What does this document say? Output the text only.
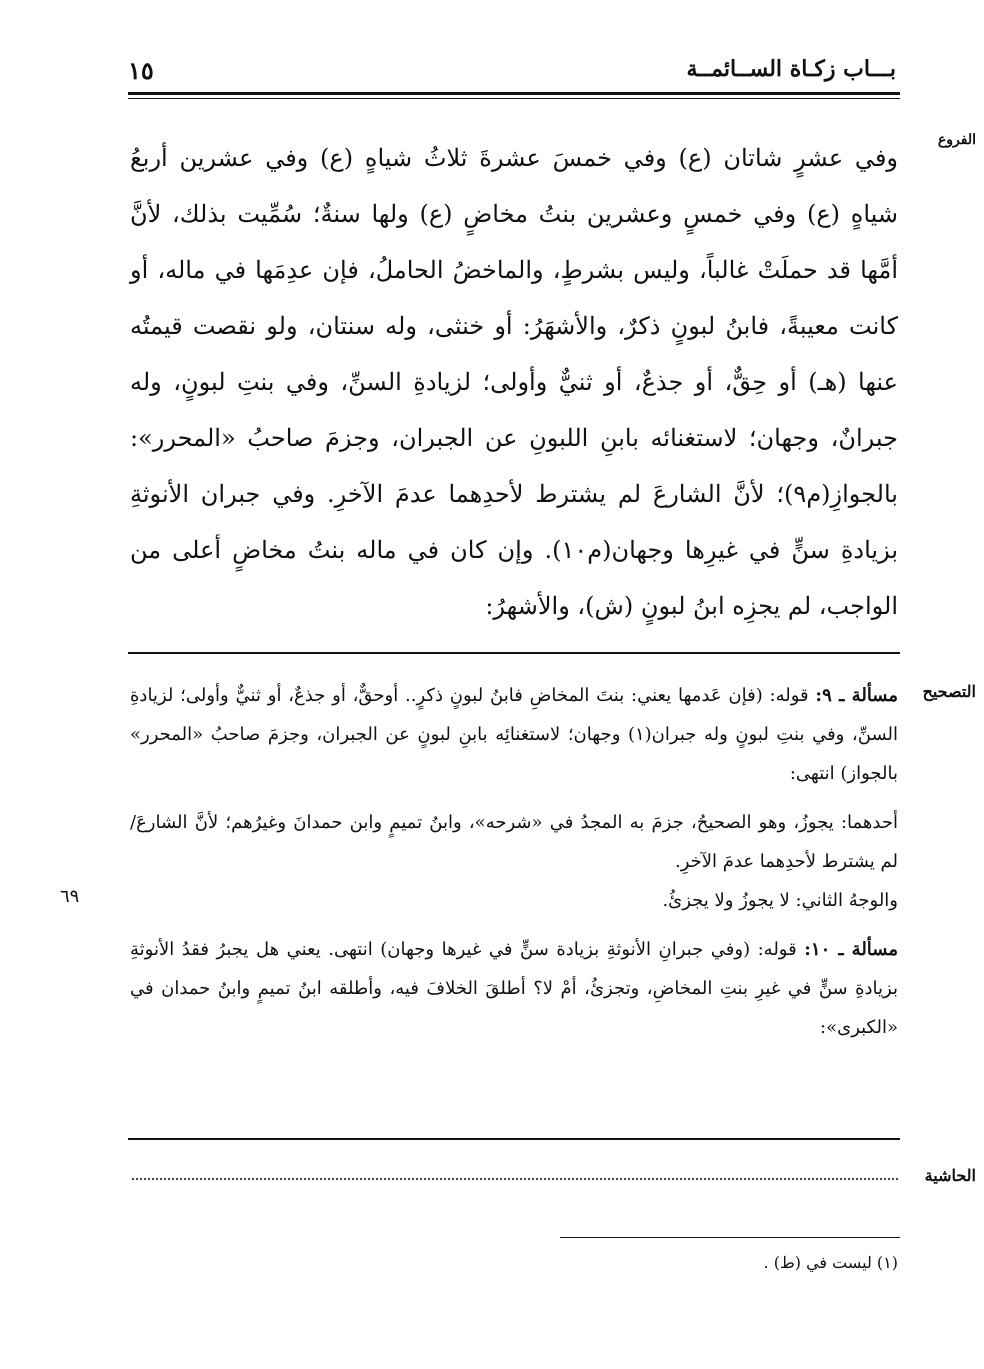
بـــاب زكـاة الســائمــة
١٥
الفروع

وفي عشرٍ شاتان (ع) وفي خمسَ عشرةَ ثلاثُ شياهٍ (ع) وفي عشرين أربعُ شياهٍ (ع) وفي خمسٍ وعشرين بنتُ مخاضٍ (ع) ولها سنةٌ؛ سُمِّيت بذلك، لأنَّ أمَّها قد حملَتْ غالباً، وليس بشرطٍ، والماخضُ الحاملُ، فإن عدِمَها في ماله، أو كانت معيبةً، فابنُ لبونٍ ذكرٌ، والأشهَرُ: أو خنثى، وله سنتان، ولو نقصت قيمتُه عنها (هـ) أو حِقٌّ، أو جذعٌ، أو ثنيٌّ وأولى؛ لزيادةِ السنِّ، وفي بنتِ لبونٍ، وله جبرانٌ، وجهان؛ لاستغنائه بابنِ اللبونِ عن الجبران، وجزمَ صاحبُ «المحرر»: بالجوازِ(م٩)؛ لأنَّ الشارعَ لم يشترط لأحدِهما عدمَ الآخرِ. وفي جبران الأنوثةِ بزيادةِ سنٍّ في غيرِها وجهان(م١٠). وإن كان في ماله بنتُ مخاضٍ أعلى من الواجب، لم يجزِه ابنُ لبونٍ (ش)، والأشهرُ:

التصحيح

مسألة ـ ٩: قوله: (فإن عَدمها يعني: بنتَ المخاضِ فابنُ لبونٍ ذكرٍ.. أوحقٌّ، أو جذعٌ، أو ثنيٌّ وأولى؛ لزيادةِ السنِّ، وفي بنتِ لبونٍ وله جبران(١) وجهان؛ لاستغنائِه بابنِ لبونٍ عن الجبران، وجزمَ صاحبُ «المحرر» بالجواز) انتهى:

أحدهما: يجوزُ، وهو الصحيحُ، جزمَ به المجدُ في «شرحه»، وابنُ تميمٍ وابن حمدانَ وغيرُهم؛ لأنَّ الشارعَ/ لم يشترط لأحدِهما عدمَ الآخرِ.

والوجهُ الثاني: لا يجوزُ ولا يجزئُ.

مسألة ـ ١٠: قوله: (وفي جبرانِ الأنوثةِ بزيادة سنٍّ في غيرها وجهان) انتهى. يعني هل يجبرُ فقدُ الأنوثةِ بزيادةِ سنٍّ في غيرِ بنتِ المخاضِ، وتجزئُ، أمْ لا؟ أطلقَ الخلافَ فيه، وأطلقه ابنُ تميمٍ وابنُ حمدان في «الكبرى»:

٦٩
الحاشية
(١) ليست في (ط) .
